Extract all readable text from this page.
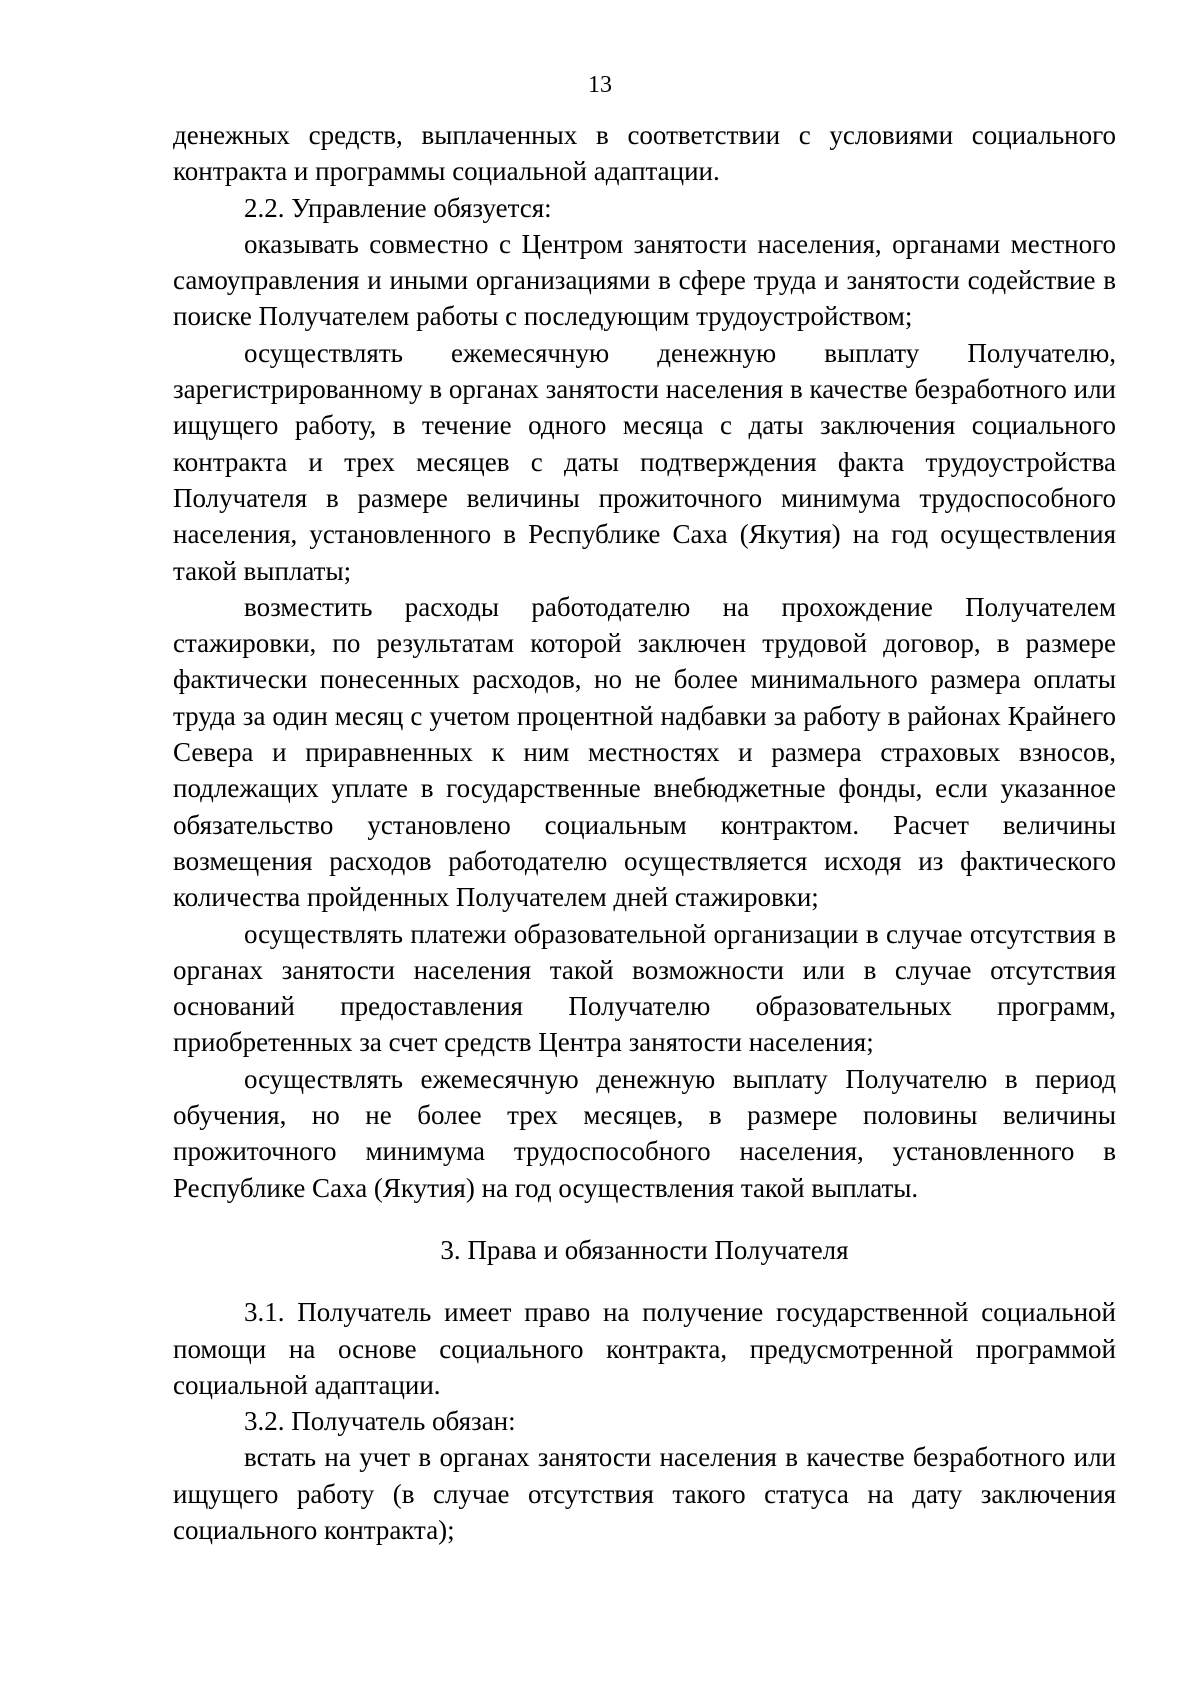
13

денежных средств, выплаченных в соответствии с условиями социального контракта и программы социальной адаптации.

2.2. Управление обязуется:

оказывать совместно с Центром занятости населения, органами местного самоуправления и иными организациями в сфере труда и занятости содействие в поиске Получателем работы с последующим трудоустройством;

осуществлять ежемесячную денежную выплату Получателю, зарегистрированному в органах занятости населения в качестве безработного или ищущего работу, в течение одного месяца с даты заключения социального контракта и трех месяцев с даты подтверждения факта трудоустройства Получателя в размере величины прожиточного минимума трудоспособного населения, установленного в Республике Саха (Якутия) на год осуществления такой выплаты;

возместить расходы работодателю на прохождение Получателем стажировки, по результатам которой заключен трудовой договор, в размере фактически понесенных расходов, но не более минимального размера оплаты труда за один месяц с учетом процентной надбавки за работу в районах Крайнего Севера и приравненных к ним местностях и размера страховых взносов, подлежащих уплате в государственные внебюджетные фонды, если указанное обязательство установлено социальным контрактом. Расчет величины возмещения расходов работодателю осуществляется исходя из фактического количества пройденных Получателем дней стажировки;

осуществлять платежи образовательной организации в случае отсутствия в органах занятости населения такой возможности или в случае отсутствия оснований предоставления Получателю образовательных программ, приобретенных за счет средств Центра занятости населения;

осуществлять ежемесячную денежную выплату Получателю в период обучения, но не более трех месяцев, в размере половины величины прожиточного минимума трудоспособного населения, установленного в Республике Саха (Якутия) на год осуществления такой выплаты.

3. Права и обязанности Получателя

3.1. Получатель имеет право на получение государственной социальной помощи на основе социального контракта, предусмотренной программой социальной адаптации.

3.2. Получатель обязан:

встать на учет в органах занятости населения в качестве безработного или ищущего работу (в случае отсутствия такого статуса на дату заключения социального контракта);
